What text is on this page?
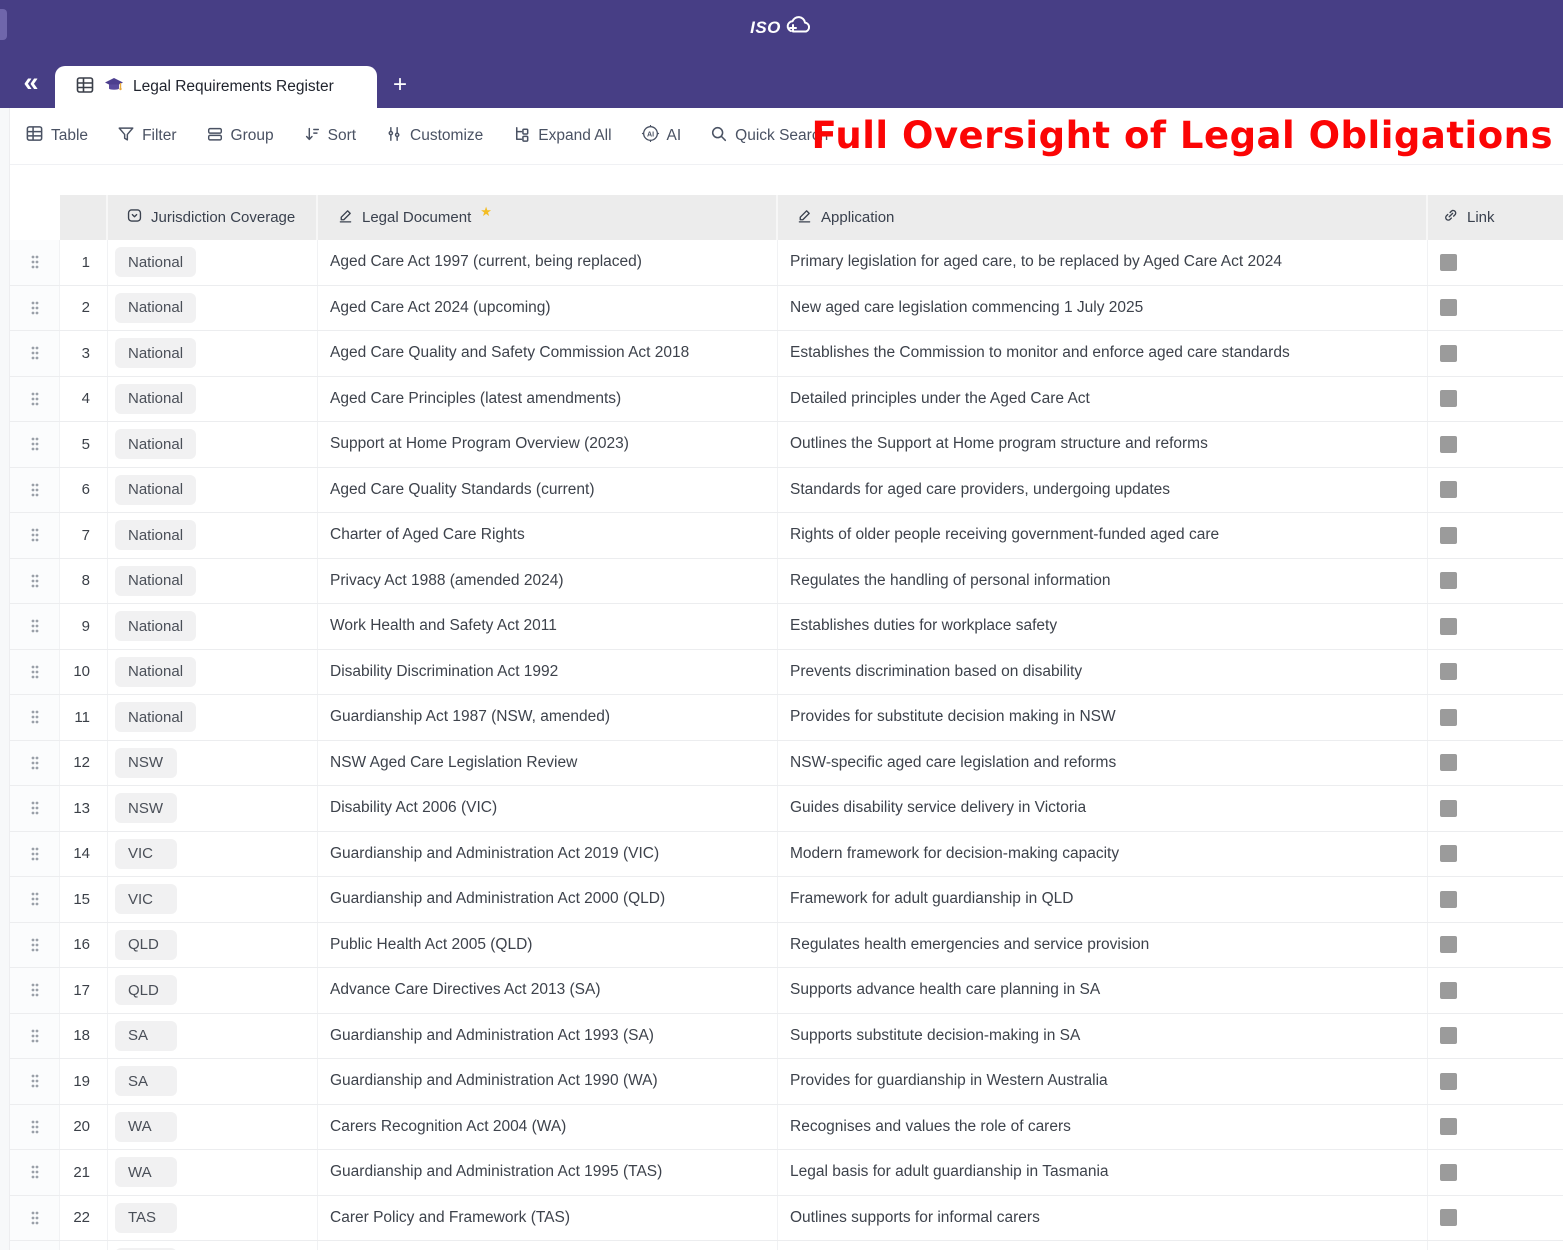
ISO
«	Legal Requirements Register	+
Table	Filter	Group	Sort	Customize	Expand All	AI AI	Quick Search
Full Oversight of Legal Obligations
Jurisdiction Coverage	Legal Document ★	Application	Link
1	National	Aged Care Act 1997 (current, being replaced)	Primary legislation for aged care, to be replaced by Aged Care Act 2024
2	National	Aged Care Act 2024 (upcoming)	New aged care legislation commencing 1 July 2025
3	National	Aged Care Quality and Safety Commission Act 2018	Establishes the Commission to monitor and enforce aged care standards
4	National	Aged Care Principles (latest amendments)	Detailed principles under the Aged Care Act
5	National	Support at Home Program Overview (2023)	Outlines the Support at Home program structure and reforms
6	National	Aged Care Quality Standards (current)	Standards for aged care providers, undergoing updates
7	National	Charter of Aged Care Rights	Rights of older people receiving government-funded aged care
8	National	Privacy Act 1988 (amended 2024)	Regulates the handling of personal information
9	National	Work Health and Safety Act 2011	Establishes duties for workplace safety
10	National	Disability Discrimination Act 1992	Prevents discrimination based on disability
11	National	Guardianship Act 1987 (NSW, amended)	Provides for substitute decision making in NSW
12	NSW	NSW Aged Care Legislation Review	NSW-specific aged care legislation and reforms
13	NSW	Disability Act 2006 (VIC)	Guides disability service delivery in Victoria
14	VIC	Guardianship and Administration Act 2019 (VIC)	Modern framework for decision-making capacity
15	VIC	Guardianship and Administration Act 2000 (QLD)	Framework for adult guardianship in QLD
16	QLD	Public Health Act 2005 (QLD)	Regulates health emergencies and service provision
17	QLD	Advance Care Directives Act 2013 (SA)	Supports advance health care planning in SA
18	SA	Guardianship and Administration Act 1993 (SA)	Supports substitute decision-making in SA
19	SA	Guardianship and Administration Act 1990 (WA)	Provides for guardianship in Western Australia
20	WA	Carers Recognition Act 2004 (WA)	Recognises and values the role of carers
21	WA	Guardianship and Administration Act 1995 (TAS)	Legal basis for adult guardianship in Tasmania
22	TAS	Carer Policy and Framework (TAS)	Outlines supports for informal carers
